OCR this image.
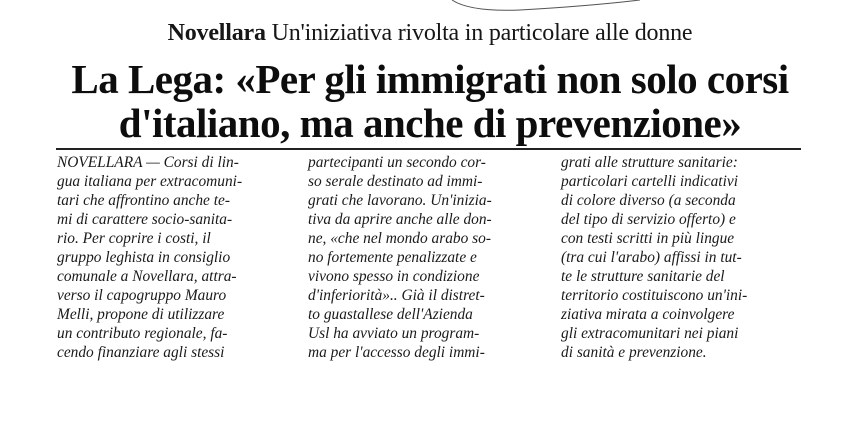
Novellara Un'iniziativa rivolta in particolare alle donne
La Lega: «Per gli immigrati non solo corsi
d'italiano, ma anche di prevenzione»
NOVELLARA — Corsi di lin-
gua italiana per extracomuni-
tari che affrontino anche te-
mi di carattere socio-sanita-
rio. Per coprire i costi, il
gruppo leghista in consiglio
comunale a Novellara, attra-
verso il capogruppo Mauro
Melli, propone di utilizzare
un contributo regionale, fa-
cendo finanziare agli stessi
partecipanti un secondo cor-
so serale destinato ad immi-
grati che lavorano. Un'inizia-
tiva da aprire anche alle don-
ne, «che nel mondo arabo so-
no fortemente penalizzate e
vivono spesso in condizione
d'inferiorità».. Già il distret-
to guastallese dell'Azienda
Usl ha avviato un program-
ma per l'accesso degli immi-
grati alle strutture sanitarie:
particolari cartelli indicativi
di colore diverso (a seconda
del tipo di servizio offerto) e
con testi scritti in più lingue
(tra cui l'arabo) affissi in tut-
te le strutture sanitarie del
territorio costituiscono un'ini-
ziativa mirata a coinvolgere
gli extracomunitari nei piani
di sanità e prevenzione.
